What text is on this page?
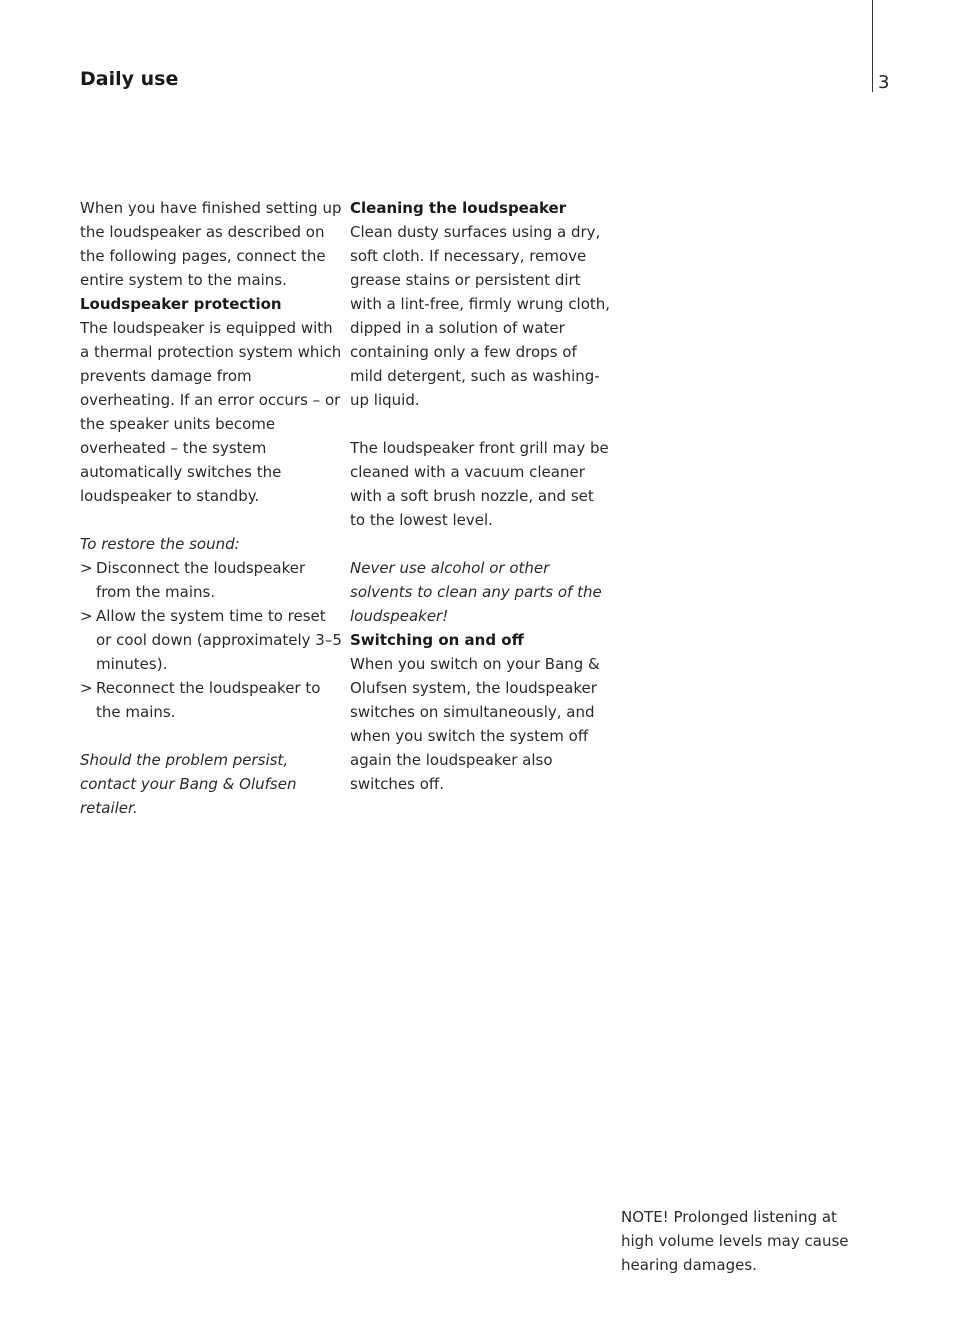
Daily use	3

When you have finished setting up the loudspeaker as described on the following pages, connect the entire system to the mains.

Loudspeaker protection

The loudspeaker is equipped with a thermal protection system which prevents damage from overheating. If an error occurs – or the speaker units become overheated – the system automatically switches the loudspeaker to standby.

To restore the sound:

> Disconnect the loudspeaker from the mains.
> Allow the system time to reset or cool down (approximately 3–5 minutes).
> Reconnect the loudspeaker to the mains.

Should the problem persist, contact your Bang & Olufsen retailer.

Cleaning the loudspeaker

Clean dusty surfaces using a dry, soft cloth. If necessary, remove grease stains or persistent dirt with a lint-free, firmly wrung cloth, dipped in a solution of water containing only a few drops of mild detergent, such as washing-up liquid.

The loudspeaker front grill may be cleaned with a vacuum cleaner with a soft brush nozzle, and set to the lowest level.

Never use alcohol or other solvents to clean any parts of the loudspeaker!

Switching on and off

When you switch on your Bang & Olufsen system, the loudspeaker switches on simultaneously, and when you switch the system off again the loudspeaker also switches off.

NOTE! Prolonged listening at high volume levels may cause hearing damages.
